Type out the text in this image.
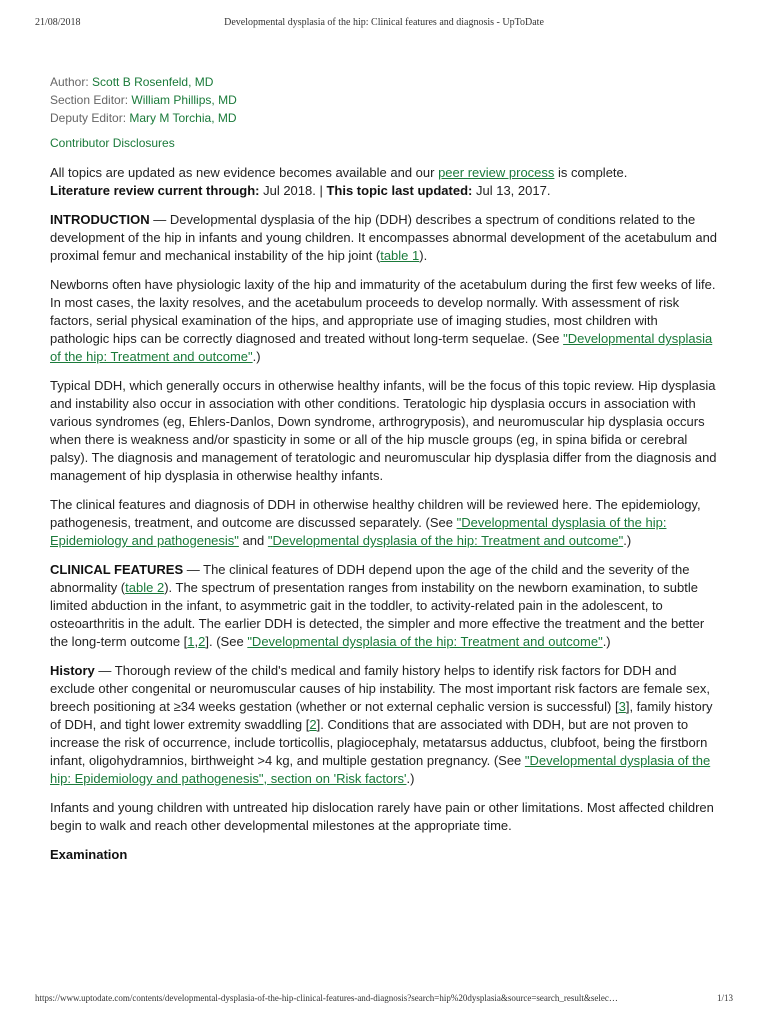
21/08/2018	Developmental dysplasia of the hip: Clinical features and diagnosis - UpToDate
Author: Scott B Rosenfeld, MD
Section Editor: William Phillips, MD
Deputy Editor: Mary M Torchia, MD
Contributor Disclosures

All topics are updated as new evidence becomes available and our peer review process is complete.
Literature review current through: Jul 2018. | This topic last updated: Jul 13, 2017.

INTRODUCTION — Developmental dysplasia of the hip (DDH) describes a spectrum of conditions related to the development of the hip in infants and young children. It encompasses abnormal development of the acetabulum and proximal femur and mechanical instability of the hip joint (table 1).

Newborns often have physiologic laxity of the hip and immaturity of the acetabulum during the first few weeks of life. In most cases, the laxity resolves, and the acetabulum proceeds to develop normally. With assessment of risk factors, serial physical examination of the hips, and appropriate use of imaging studies, most children with pathologic hips can be correctly diagnosed and treated without long-term sequelae. (See "Developmental dysplasia of the hip: Treatment and outcome".)

Typical DDH, which generally occurs in otherwise healthy infants, will be the focus of this topic review. Hip dysplasia and instability also occur in association with other conditions. Teratologic hip dysplasia occurs in association with various syndromes (eg, Ehlers-Danlos, Down syndrome, arthrogryposis), and neuromuscular hip dysplasia occurs when there is weakness and/or spasticity in some or all of the hip muscle groups (eg, in spina bifida or cerebral palsy). The diagnosis and management of teratologic and neuromuscular hip dysplasia differ from the diagnosis and management of hip dysplasia in otherwise healthy infants.

The clinical features and diagnosis of DDH in otherwise healthy children will be reviewed here. The epidemiology, pathogenesis, treatment, and outcome are discussed separately. (See "Developmental dysplasia of the hip: Epidemiology and pathogenesis" and "Developmental dysplasia of the hip: Treatment and outcome".)

CLINICAL FEATURES — The clinical features of DDH depend upon the age of the child and the severity of the abnormality (table 2). The spectrum of presentation ranges from instability on the newborn examination, to subtle limited abduction in the infant, to asymmetric gait in the toddler, to activity-related pain in the adolescent, to osteoarthritis in the adult. The earlier DDH is detected, the simpler and more effective the treatment and the better the long-term outcome [1,2]. (See "Developmental dysplasia of the hip: Treatment and outcome".)

History — Thorough review of the child's medical and family history helps to identify risk factors for DDH and exclude other congenital or neuromuscular causes of hip instability. The most important risk factors are female sex, breech positioning at ≥34 weeks gestation (whether or not external cephalic version is successful) [3], family history of DDH, and tight lower extremity swaddling [2]. Conditions that are associated with DDH, but are not proven to increase the risk of occurrence, include torticollis, plagiocephaly, metatarsus adductus, clubfoot, being the firstborn infant, oligohydramnios, birthweight >4 kg, and multiple gestation pregnancy. (See "Developmental dysplasia of the hip: Epidemiology and pathogenesis", section on 'Risk factors'.)

Infants and young children with untreated hip dislocation rarely have pain or other limitations. Most affected children begin to walk and reach other developmental milestones at the appropriate time.

Examination
https://www.uptodate.com/contents/developmental-dysplasia-of-the-hip-clinical-features-and-diagnosis?search=hip%20dysplasia&source=search_result&selec…	1/13
